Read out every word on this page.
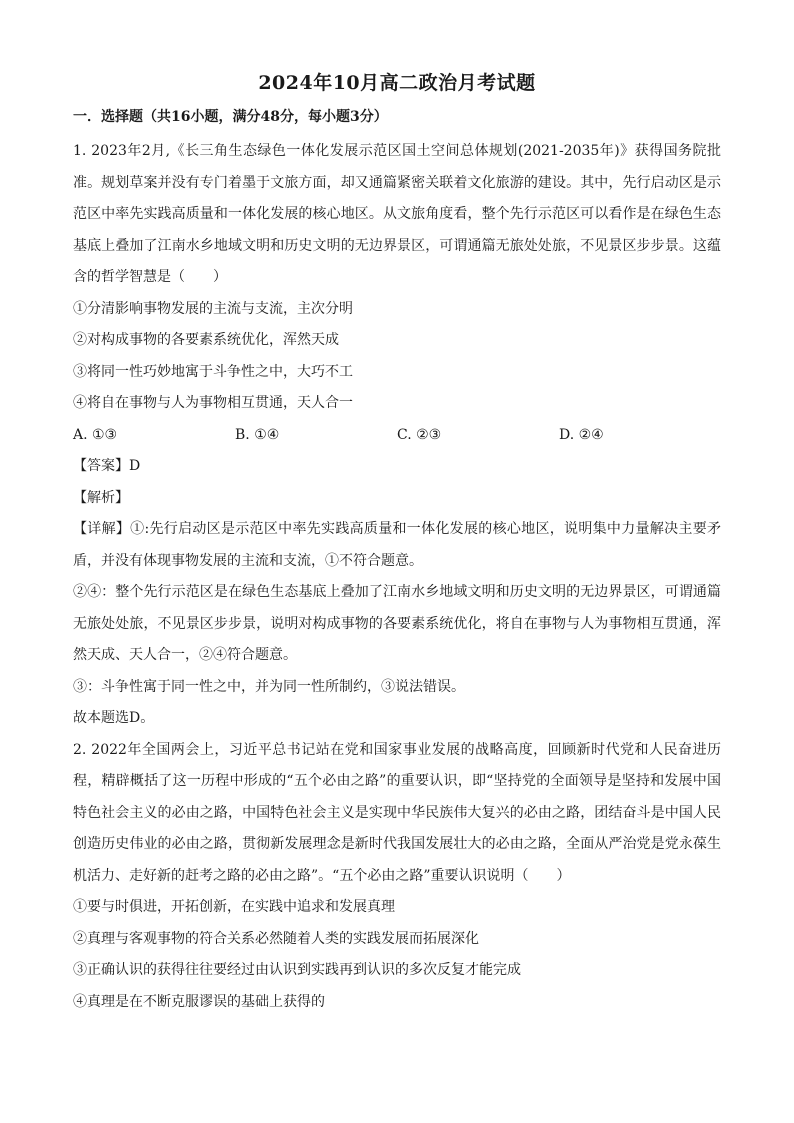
2024年10月高二政治月考试题
一．选择题（共16小题，满分48分，每小题3分）

1. 2023年2月,《长三角生态绿色一体化发展示范区国土空间总体规划(2021-2035年)》获得国务院批准。规划草案并没有专门着墨于文旅方面，却又通篇紧密关联着文化旅游的建设。其中，先行启动区是示范区中率先实践高质量和一体化发展的核心地区。从文旅角度看，整个先行示范区可以看作是在绿色生态基底上叠加了江南水乡地域文明和历史文明的无边界景区，可谓通篇无旅处处旅，不见景区步步景。这蕴含的哲学智慧是（　　）

①分清影响事物发展的主流与支流，主次分明

②对构成事物的各要素系统优化，浑然天成

③将同一性巧妙地寓于斗争性之中，大巧不工

④将自在事物与人为事物相互贯通，天人合一

A. ①③	B. ①④	C. ②③	D. ②④

【答案】D

【解析】

【详解】①:先行启动区是示范区中率先实践高质量和一体化发展的核心地区，说明集中力量解决主要矛盾，并没有体现事物发展的主流和支流，①不符合题意。

②④：整个先行示范区是在绿色生态基底上叠加了江南水乡地域文明和历史文明的无边界景区，可谓通篇无旅处处旅，不见景区步步景，说明对构成事物的各要素系统优化，将自在事物与人为事物相互贯通，浑然天成、天人合一，②④符合题意。

③：斗争性寓于同一性之中，并为同一性所制约，③说法错误。

故本题选D。

2. 2022年全国两会上，习近平总书记站在党和国家事业发展的战略高度，回顾新时代党和人民奋进历程，精辟概括了这一历程中形成的“五个必由之路”的重要认识，即“坚持党的全面领导是坚持和发展中国特色社会主义的必由之路，中国特色社会主义是实现中华民族伟大复兴的必由之路，团结奋斗是中国人民创造历史伟业的必由之路，贯彻新发展理念是新时代我国发展壮大的必由之路，全面从严治党是党永葆生机活力、走好新的赶考之路的必由之路”。“五个必由之路”重要认识说明（　　）

①要与时俱进，开拓创新，在实践中追求和发展真理

②真理与客观事物的符合关系必然随着人类的实践发展而拓展深化

③正确认识的获得往往要经过由认识到实践再到认识的多次反复才能完成

④真理是在不断克服谬误的基础上获得的
